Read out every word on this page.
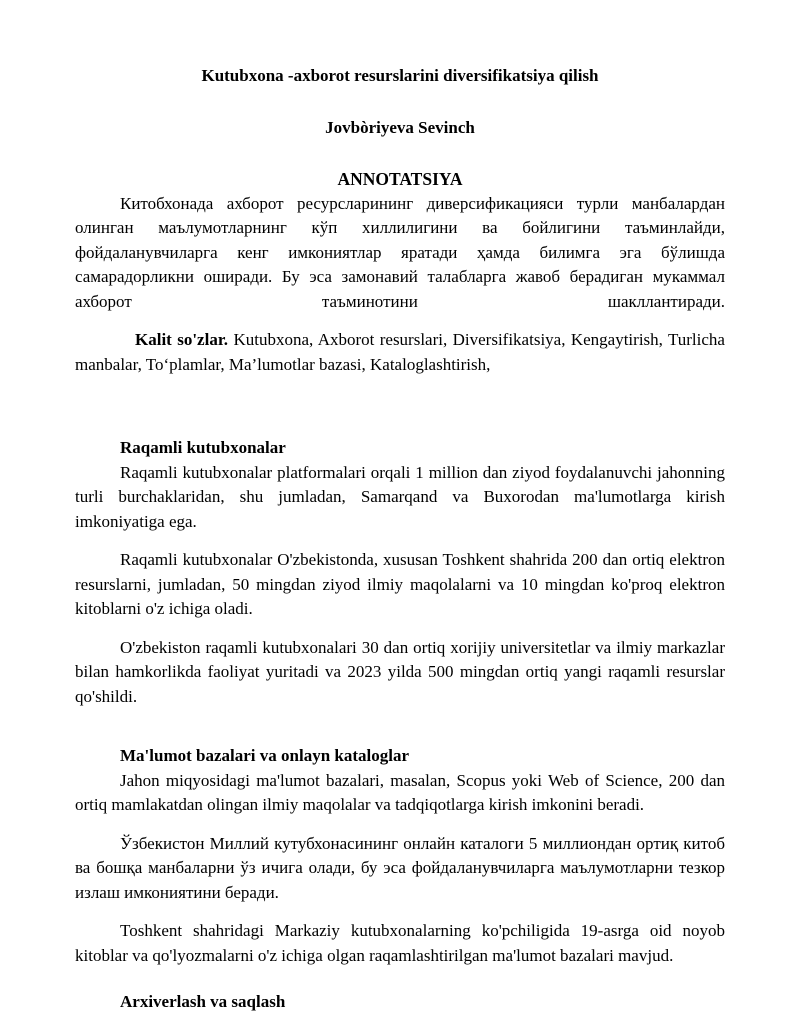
Kutubxona -axborot resurslarini diversifikatsiya qilish

Jovbòriyeva Sevinch

ANNOTATSIYA

Китобхонада ахборот ресурсларининг диверсификацияси турли манбалардан олинган маълумотларнинг кўп хиллилигини ва бойлигини таъминлайди, фойдаланувчиларга кенг имкониятлар яратади ҳамда билимга эга бўлишда самарадорликни оширади. Бу эса замонавий талабларга жавоб берадиган мукаммал ахборот таъминотини шакллантиради.

Kalit so'zlar. Kutubxona, Axborot resurslari, Diversifikatsiya, Kengaytirish, Turlicha manbalar, To‘plamlar, Ma’lumotlar bazasi, Kataloglashtirish,

Raqamli kutubxonalar

Raqamli kutubxonalar platformalari orqali 1 million dan ziyod foydalanuvchi jahonning turli burchaklaridan, shu jumladan, Samarqand va Buxorodan ma'lumotlarga kirish imkoniyatiga ega.

Raqamli kutubxonalar O'zbekistonda, xususan Toshkent shahrida 200 dan ortiq elektron resurslarni, jumladan, 50 mingdan ziyod ilmiy maqolalarni va 10 mingdan ko'proq elektron kitoblarni o'z ichiga oladi.

O'zbekiston raqamli kutubxonalari 30 dan ortiq xorijiy universitetlar va ilmiy markazlar bilan hamkorlikda faoliyat yuritadi va 2023 yilda 500 mingdan ortiq yangi raqamli resurslar qo'shildi.

Ma'lumot bazalari va onlayn kataloglar

Jahon miqyosidagi ma'lumot bazalari, masalan, Scopus yoki Web of Science, 200 dan ortiq mamlakatdan olingan ilmiy maqolalar va tadqiqotlarga kirish imkonini beradi.

Ўзбекистон Миллий кутубхонасининг онлайн каталоги 5 миллиондан ортиқ китоб ва бошқа манбаларни ўз ичига олади, бу эса фойдаланувчиларга маълумотларни тезкор излаш имкониятини беради.

Toshkent shahridagi Markaziy kutubxonalarning ko'pchiligida 19-asrga oid noyob kitoblar va qo'lyozmalarni o'z ichiga olgan raqamlashtirilgan ma'lumot bazalari mavjud.

Arxiverlash va saqlash
